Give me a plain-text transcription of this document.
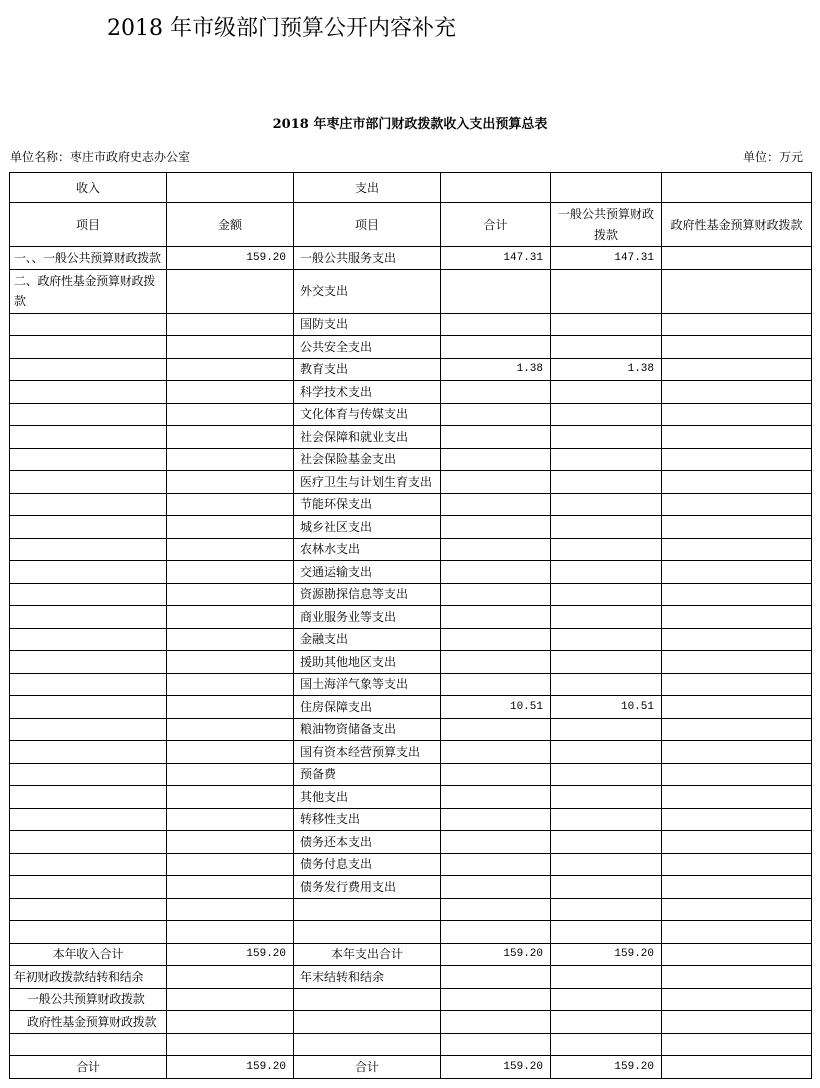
2018 年市级部门预算公开内容补充
2018 年枣庄市部门财政拨款收入支出预算总表
单位名称：枣庄市政府史志办公室	单位：万元
收入		支出			
项目	金额	项目	合计	一般公共预算财政拨款	政府性基金预算财政拨款
一、、一般公共预算财政拨款	159.20	一般公共服务支出	147.31	147.31	
二、政府性基金预算财政拨款		外交支出			
		国防支出			
		公共安全支出			
		教育支出	1.38	1.38	
		科学技术支出			
		文化体育与传媒支出			
		社会保障和就业支出			
		社会保险基金支出			
		医疗卫生与计划生育支出			
		节能环保支出			
		城乡社区支出			
		农林水支出			
		交通运输支出			
		资源勘探信息等支出			
		商业服务业等支出			
		金融支出			
		援助其他地区支出			
		国土海洋气象等支出			
		住房保障支出	10.51	10.51	
		粮油物资储备支出			
		国有资本经营预算支出			
		预备费			
		其他支出			
		转移性支出			
		债务还本支出			
		债务付息支出			
		债务发行费用支出			

本年收入合计	159.20	本年支出合计	159.20	159.20	
年初财政拨款结转和结余		年末结转和结余			
一般公共预算财政拨款					
政府性基金预算财政拨款					

合计	159.20	合计	159.20	159.20	
